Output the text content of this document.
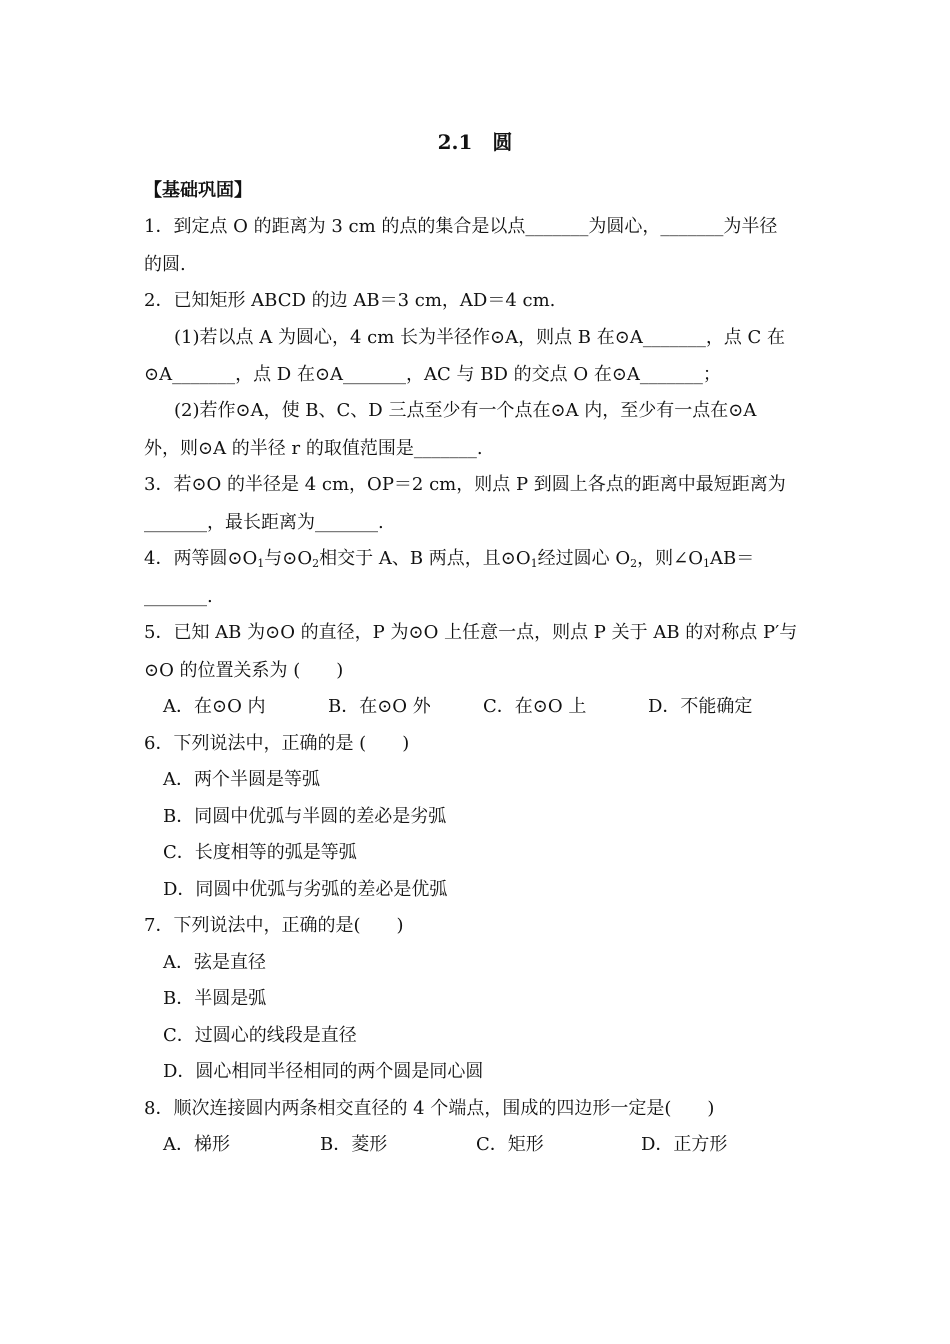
2.1　圆
【基础巩固】
1．到定点 O 的距离为 3 cm 的点的集合是以点_______为圆心，_______为半径
的圆.
2．已知矩形 ABCD 的边 AB＝3 cm，AD＝4 cm.
(1)若以点 A 为圆心，4 cm 长为半径作⊙A，则点 B 在⊙A_______，点 C 在
⊙A_______，点 D 在⊙A_______，AC 与 BD 的交点 O 在⊙A_______；
(2)若作⊙A，使 B、C、D 三点至少有一个点在⊙A 内，至少有一点在⊙A
外，则⊙A 的半径 r 的取值范围是_______.
3．若⊙O 的半径是 4 cm，OP＝2 cm，则点 P 到圆上各点的距离中最短距离为
_______，最长距离为_______.
4．两等圆$⊙O_1$与$⊙O_2$相交于 A、B 两点，且$⊙O_1$经过圆心 $O_2$，则$\angle O_1AB=$
_______.
5．已知 AB 为⊙O 的直径，P 为⊙O 上任意一点，则点 P 关于 AB 的对称点 P′与
⊙O 的位置关系为 (　　)
A．在⊙O 内	B．在⊙O 外	C．在⊙O 上	D．不能确定
6．下列说法中，正确的是 (　　)
A．两个半圆是等弧
B．同圆中优弧与半圆的差必是劣弧
C．长度相等的弧是等弧
D．同圆中优弧与劣弧的差必是优弧
7．下列说法中，正确的是(　　)
A．弦是直径
B．半圆是弧
C．过圆心的线段是直径
D．圆心相同半径相同的两个圆是同心圆
8．顺次连接圆内两条相交直径的 4 个端点，围成的四边形一定是(　　)
A．梯形	B．菱形	C．矩形	D．正方形
